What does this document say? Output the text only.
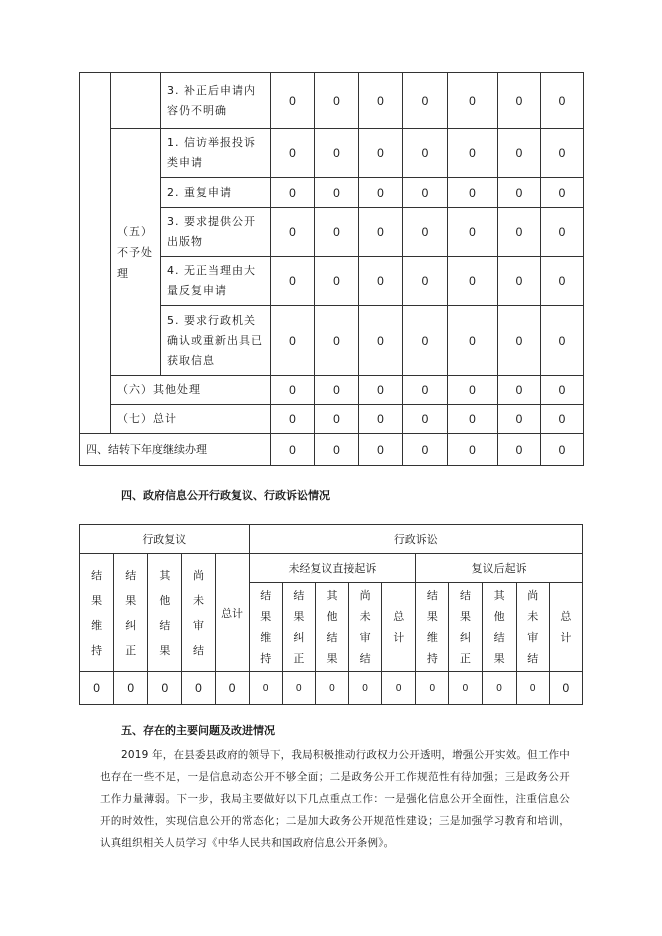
		3. 补正后申请内容仍不明确	0	0	0	0	0	0	0
	（五）不予处理	1. 信访举报投诉类申请	0	0	0	0	0	0	0
		2. 重复申请	0	0	0	0	0	0	0
		3. 要求提供公开出版物	0	0	0	0	0	0	0
		4. 无正当理由大量反复申请	0	0	0	0	0	0	0
		5. 要求行政机关确认或重新出具已获取信息	0	0	0	0	0	0	0
	（六）其他处理		0	0	0	0	0	0	0
	（七）总计		0	0	0	0	0	0	0
四、结转下年度继续办理			0	0	0	0	0	0	0
四、政府信息公开行政复议、行政诉讼情况
行政复议					行政诉讼									

结果维持	结果纠正	其他结果	尚未审结	总计	未经复议直接起诉					复议后起诉				

					结果维持	结果纠正	其他结果	尚未审结	总计	结果维持	结果纠正	其他结果	尚未审结	总计

0	0	0	0	0	0	0	0	0	0	0	0	0	0	0
五、存在的主要问题及改进情况

2019 年，在县委县政府的领导下，我局积极推动行政权力公开透明，增强公开实效。但工作中也存在一些不足，一是信息动态公开不够全面；二是政务公开工作规范性有待加强；三是政务公开工作力量薄弱。下一步，我局主要做好以下几点重点工作：一是强化信息公开全面性，注重信息公开的时效性，实现信息公开的常态化；二是加大政务公开规范性建设；三是加强学习教育和培训，认真组织相关人员学习《中华人民共和国政府信息公开条例》。
